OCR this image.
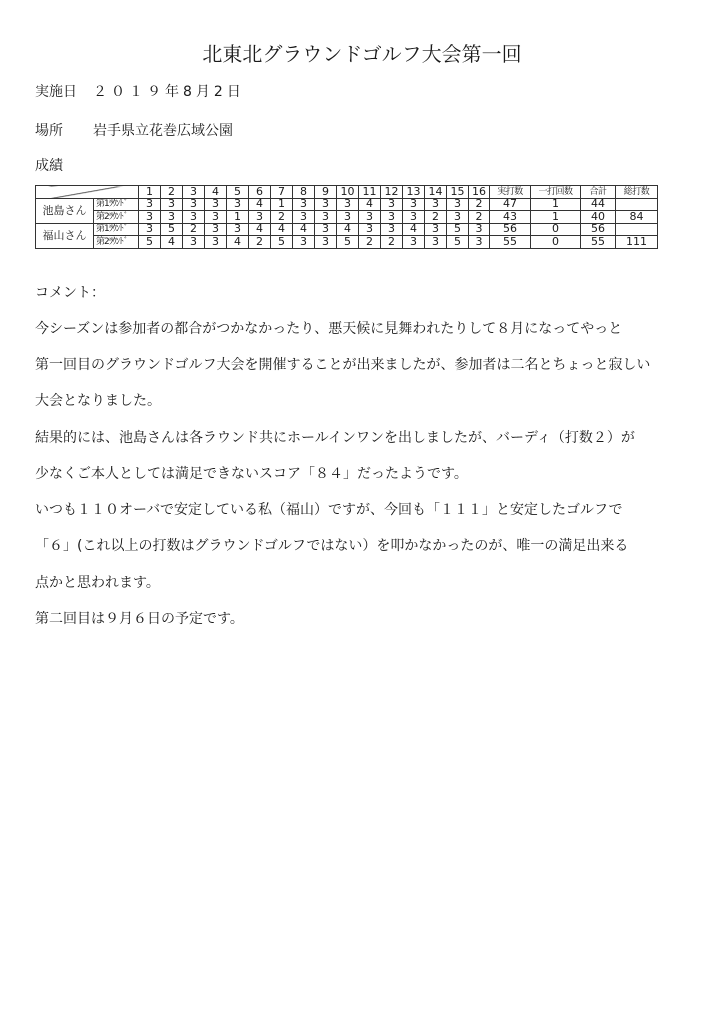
北東北グラウンドゴルフ大会第一回
実施日 ２０１９年8月2日
場所 岩手県立花巻広域公園
成績
		1	2	3	4	5	6	7	8	9	10	11	12	13	14	15	16	実打数	一打回数	合計	総打数
池島さん	第1ﾗｳﾝﾄﾞ	3	3	3	3	3	4	1	3	3	3	4	3	3	3	3	2	47	1	44	
	第2ﾗｳﾝﾄﾞ	3	3	3	3	1	3	2	3	3	3	3	3	3	2	3	2	43	1	40	84
福山さん	第1ﾗｳﾝﾄﾞ	3	5	2	3	3	4	4	4	3	4	3	3	4	3	5	3	56	0	56	
	第2ﾗｳﾝﾄﾞ	5	4	3	3	4	2	5	3	3	5	2	2	3	3	5	3	55	0	55	111
コメント：
今シーズンは参加者の都合がつかなかったり、悪天候に見舞われたりして８月になってやっと
第一回目のグラウンドゴルフ大会を開催することが出来ましたが、参加者は二名とちょっと寂しい
大会となりました。
結果的には、池島さんは各ラウンド共にホールインワンを出しましたが、バーディ（打数２）が
少なくご本人としては満足できないスコア「８４」だったようです。
いつも１１０オーバで安定している私（福山）ですが、今回も「１１１」と安定したゴルフで
「６」(これ以上の打数はグラウンドゴルフではない）を叩かなかったのが、唯一の満足出来る
点かと思われます。
第二回目は９月６日の予定です。
